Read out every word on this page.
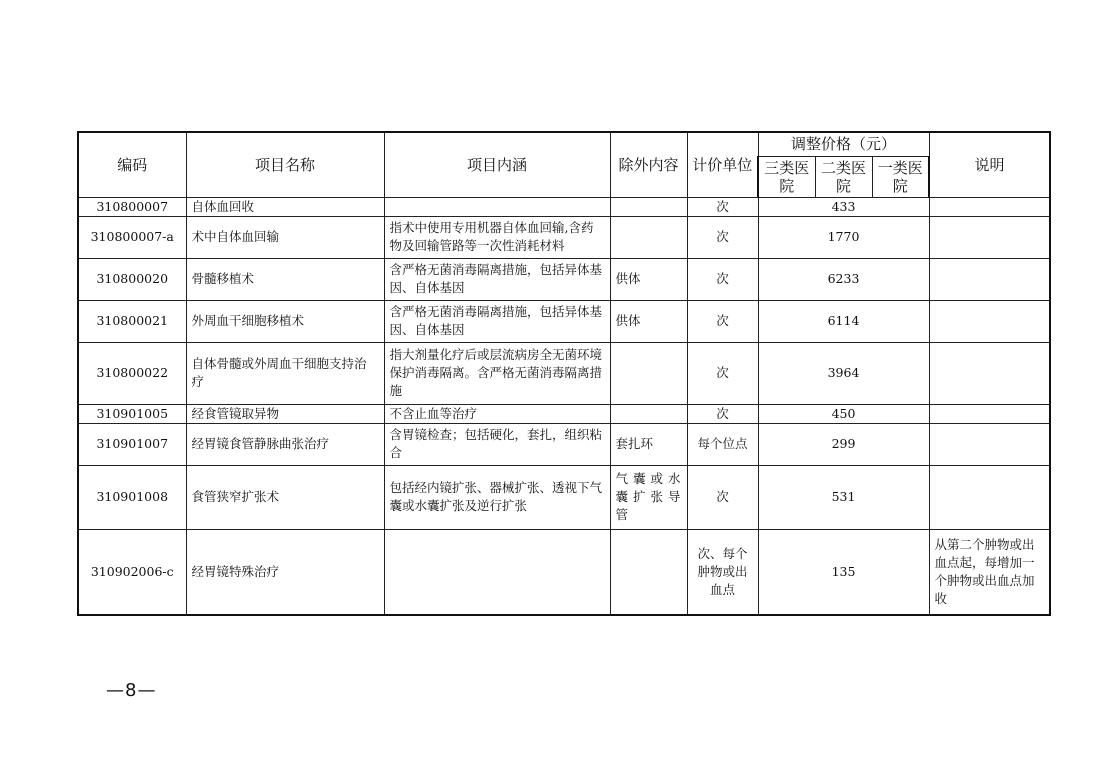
编码	项目名称	项目内涵	除外内容	计价单位	调整价格（元）			说明
					三类医院	二类医院	一类医院	
310800007	自体血回收			次	433			
310800007-a	术中自体血回输	指术中使用专用机器自体血回输,含药物及回输管路等一次性消耗材料		次	1770			
310800020	骨髓移植术	含严格无菌消毒隔离措施，包括异体基因、自体基因	供体	次	6233			
310800021	外周血干细胞移植术	含严格无菌消毒隔离措施，包括异体基因、自体基因	供体	次	6114			
310800022	自体骨髓或外周血干细胞支持治疗	指大剂量化疗后或层流病房全无菌环境保护消毒隔离。含严格无菌消毒隔离措施		次	3964			
310901005	经食管镜取异物	不含止血等治疗		次	450			
310901007	经胃镜食管静脉曲张治疗	含胃镜检查；包括硬化，套扎，组织粘合	套扎环	每个位点	299			
310901008	食管狭窄扩张术	包括经内镜扩张、器械扩张、透视下气囊或水囊扩张及逆行扩张	气囊或水囊扩张导管	次	531			
310902006-c	经胃镜特殊治疗			次、每个肿物或出血点	135			从第二个肿物或出血点起，每增加一个肿物或出血点加收
—8—
